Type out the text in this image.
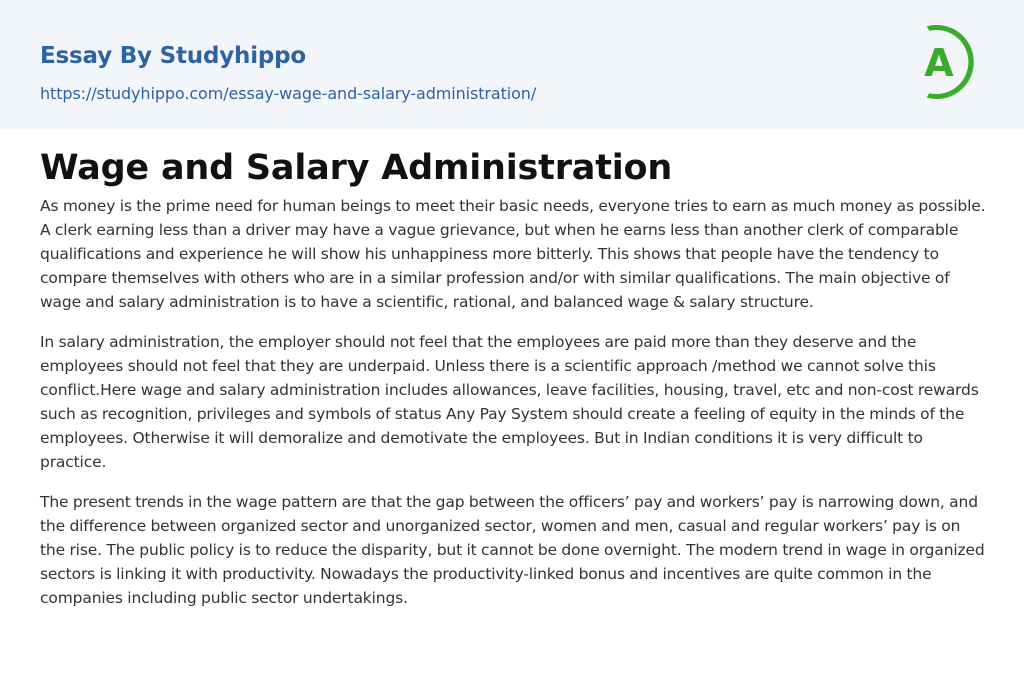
Essay By Studyhippo
https://studyhippo.com/essay-wage-and-salary-administration/
A
Wage and Salary Administration

As money is the prime need for human beings to meet their basic needs, everyone tries to earn as much money as possible. A clerk earning less than a driver may have a vague grievance, but when he earns less than another clerk of comparable qualifications and experience he will show his unhappiness more bitterly. This shows that people have the tendency to compare themselves with others who are in a similar profession and/or with similar qualifications. The main objective of wage and salary administration is to have a scientific, rational, and balanced wage & salary structure.

In salary administration, the employer should not feel that the employees are paid more than they deserve and the employees should not feel that they are underpaid. Unless there is a scientific approach /method we cannot solve this conflict.Here wage and salary administration includes allowances, leave facilities, housing, travel, etc and non-cost rewards such as recognition, privileges and symbols of status Any Pay System should create a feeling of equity in the minds of the employees. Otherwise it will demoralize and demotivate the employees. But in Indian conditions it is very difficult to practice.

The present trends in the wage pattern are that the gap between the officers’ pay and workers’ pay is narrowing down, and the difference between organized sector and unorganized sector, women and men, casual and regular workers’ pay is on the rise. The public policy is to reduce the disparity, but it cannot be done overnight. The modern trend in wage in organized sectors is linking it with productivity. Nowadays the productivity-linked bonus and incentives are quite common in the companies including public sector undertakings.
